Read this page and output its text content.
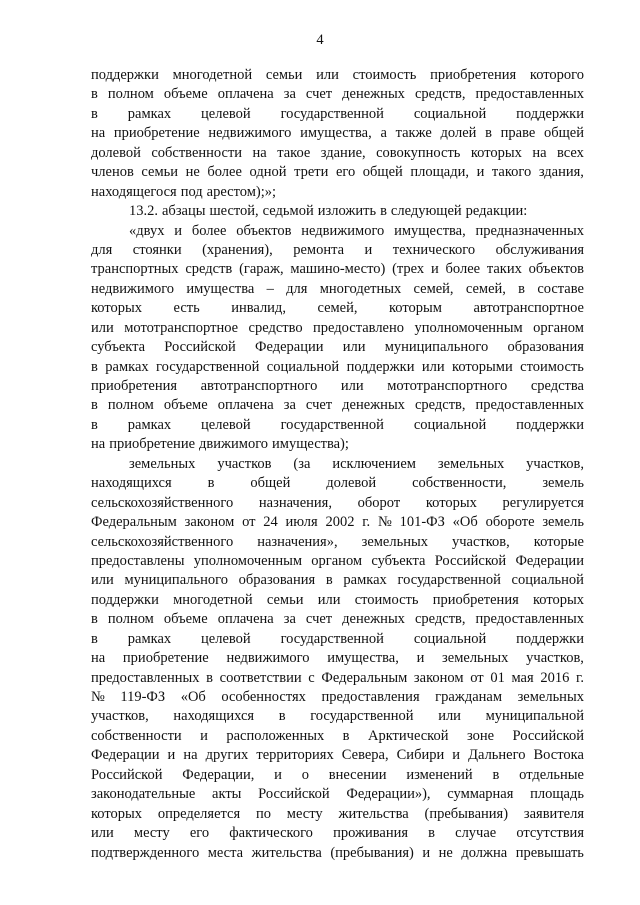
4
поддержки многодетной семьи или стоимость приобретения которого
в полном объеме оплачена за счет денежных средств, предоставленных
в рамках целевой государственной социальной поддержки
на приобретение недвижимого имущества, а также долей в праве общей
долевой собственности на такое здание, совокупность которых на всех
членов семьи не более одной трети его общей площади, и такого здания,
находящегося под арестом);»;
13.2. абзацы шестой, седьмой изложить в следующей редакции:
«двух и более объектов недвижимого имущества, предназначенных
для стоянки (хранения), ремонта и технического обслуживания
транспортных средств (гараж, машино-место) (трех и более таких объектов
недвижимого имущества – для многодетных семей, семей, в составе
которых есть инвалид, семей, которым автотранспортное
или мототранспортное средство предоставлено уполномоченным органом
субъекта Российской Федерации или муниципального образования
в рамках государственной социальной поддержки или которыми стоимость
приобретения автотранспортного или мототранспортного средства
в полном объеме оплачена за счет денежных средств, предоставленных
в рамках целевой государственной социальной поддержки
на приобретение движимого имущества);
земельных участков (за исключением земельных участков,
находящихся в общей долевой собственности, земель
сельскохозяйственного назначения, оборот которых регулируется
Федеральным законом от 24 июля 2002 г. № 101-ФЗ «Об обороте земель
сельскохозяйственного назначения», земельных участков, которые
предоставлены уполномоченным органом субъекта Российской Федерации
или муниципального образования в рамках государственной социальной
поддержки многодетной семьи или стоимость приобретения которых
в полном объеме оплачена за счет денежных средств, предоставленных
в рамках целевой государственной социальной поддержки
на приобретение недвижимого имущества, и земельных участков,
предоставленных в соответствии с Федеральным законом от 01 мая 2016 г.
№ 119-ФЗ «Об особенностях предоставления гражданам земельных
участков, находящихся в государственной или муниципальной
собственности и расположенных в Арктической зоне Российской
Федерации и на других территориях Севера, Сибири и Дальнего Востока
Российской Федерации, и о внесении изменений в отдельные
законодательные акты Российской Федерации»), суммарная площадь
которых определяется по месту жительства (пребывания) заявителя
или месту его фактического проживания в случае отсутствия
подтвержденного места жительства (пребывания) и не должна превышать
